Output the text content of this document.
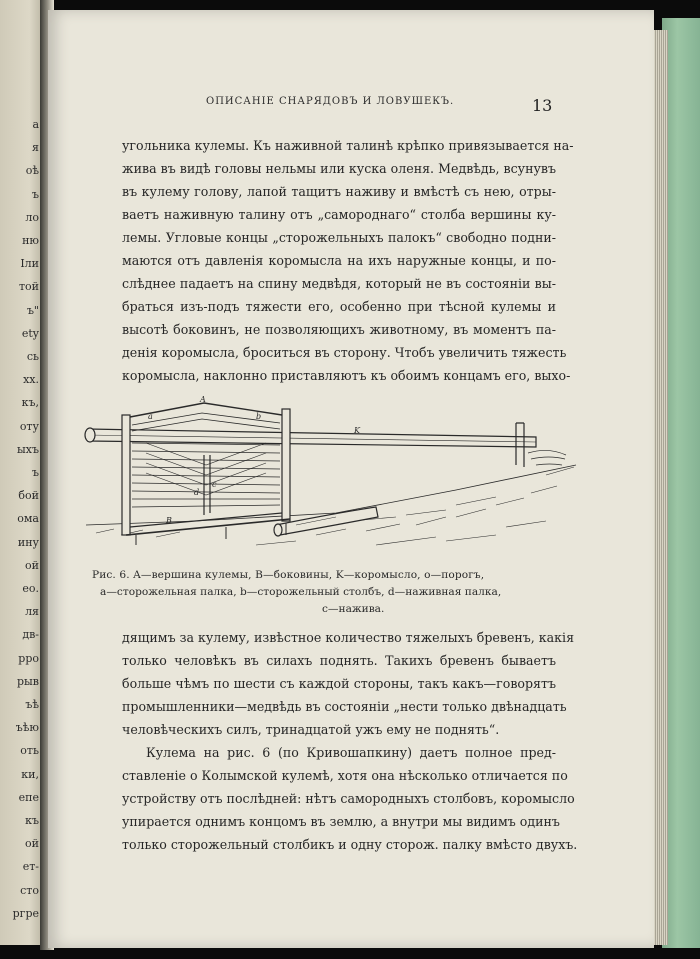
а
я
оѣ
ъ
ло
ню
Іли
той
ъ"
ety
сь
хх.
къ,
оту
ыхъ
ъ
бой
ома
ину
ой
ео.
ля
дв-
рро
рыв
ъѣ
ъѣю
оть
ки,
епе
къ
ой
ет-
сто
ргре
ОПИСАНІЕ СНАРЯДОВЪ И ЛОВУШЕКЪ.	13
угольника кулемы. Къ наживной талинѣ крѣпко привязывается на-
жива въ видѣ головы нельмы или куска оленя. Медвѣдь, всунувъ
въ кулему голову, лапой тащитъ наживу и вмѣстѣ съ нею, отры-
ваетъ наживную талину отъ „самороднаго“ столба вершины ку-
лемы. Угловые концы „сторожельныхъ палокъ“ свободно подни-
маются отъ давленія коромысла на ихъ наружные концы, и по-
слѣднее падаетъ на спину медвѣдя, который не въ состояніи вы-
браться изъ-подъ тяжести его, особенно при тѣсной кулемы и
высотѣ боковинъ, не позволяющихъ животному, въ моментъ па-
денія коромысла, броситься въ сторону. Чтобъ увеличить тяжесть
коромысла, наклонно приставляютъ къ обоимъ концамъ его, выхо-
A
a	b
c
d
K
B
Рис. 6. A—вершина кулемы, B—боковины, K—коромысло, o—порогъ,
a—сторожельная палка, b—сторожельный столбъ, d—наживная палка,
c—нажива.
дящимъ за кулему, извѣстное количество тяжелыхъ бревенъ, какія
только человѣкъ въ силахъ поднять. Такихъ бревенъ бываетъ
больше чѣмъ по шести съ каждой стороны, такъ какъ—говорятъ
промышленники—медвѣдь въ состояніи „нести только двѣнадцать
человѣческихъ силъ, тринадцатой ужъ ему не поднять“.
Кулема на рис. 6 (по Кривошапкину) даетъ полное пред-
ставленіе о Колымской кулемѣ, хотя она нѣсколько отличается по
устройству отъ послѣдней: нѣтъ самородныхъ столбовъ, коромысло
упирается однимъ концомъ въ землю, а внутри мы видимъ одинъ
только сторожельный столбикъ и одну сторож. палку вмѣсто двухъ.
